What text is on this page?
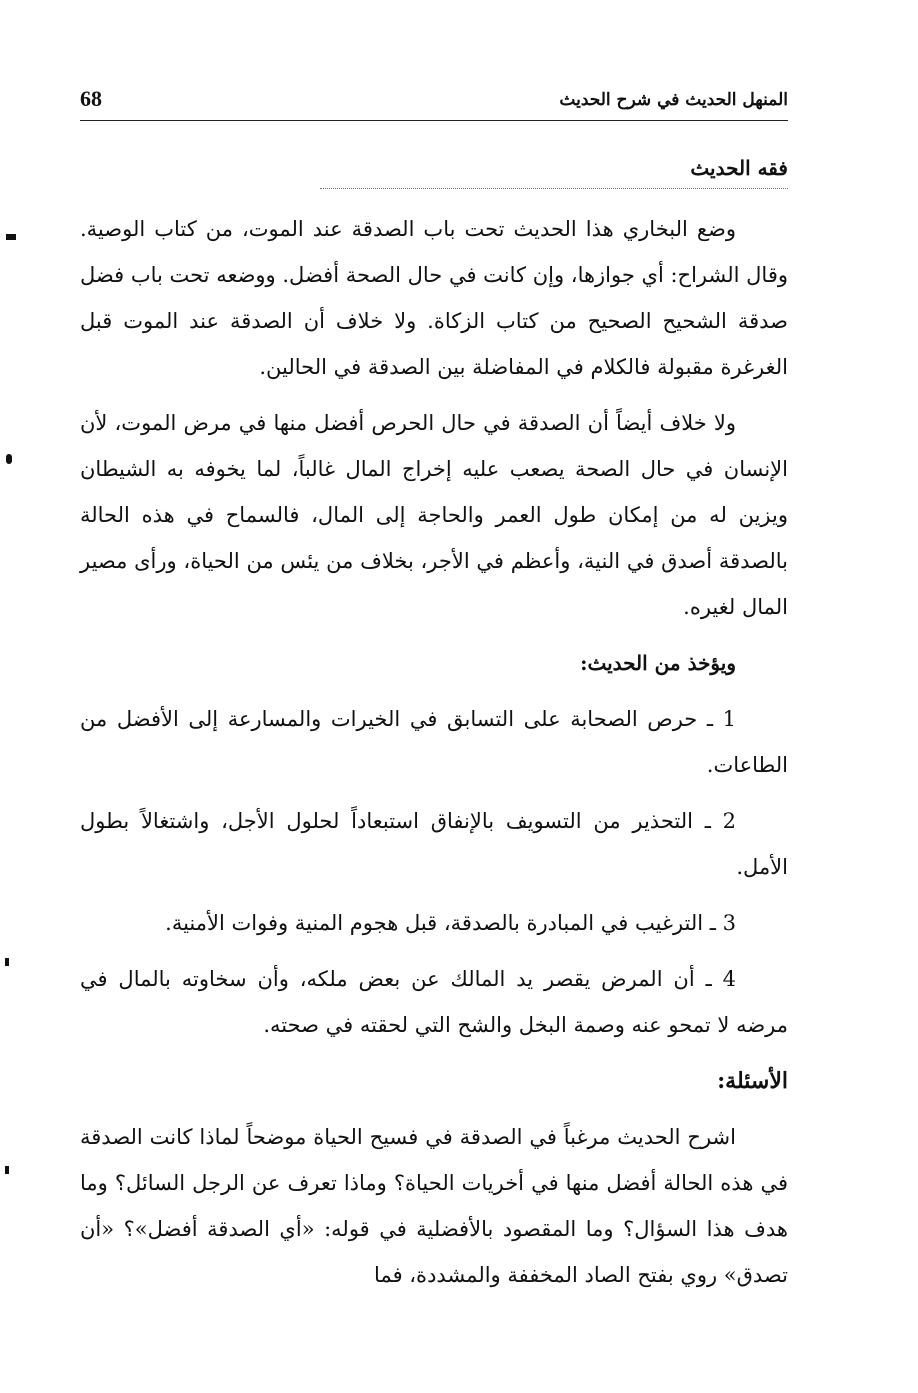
68	المنهل الحديث في شرح الحديث
فقه الحديث

وضع البخاري هذا الحديث تحت باب الصدقة عند الموت، من كتاب الوصية. وقال الشراح: أي جوازها، وإن كانت في حال الصحة أفضل. ووضعه تحت باب فضل صدقة الشحيح الصحيح من كتاب الزكاة. ولا خلاف أن الصدقة عند الموت قبل الغرغرة مقبولة فالكلام في المفاضلة بين الصدقة في الحالين.

ولا خلاف أيضاً أن الصدقة في حال الحرص أفضل منها في مرض الموت، لأن الإنسان في حال الصحة يصعب عليه إخراج المال غالباً، لما يخوفه به الشيطان ويزين له من إمكان طول العمر والحاجة إلى المال، فالسماح في هذه الحالة بالصدقة أصدق في النية، وأعظم في الأجر، بخلاف من يئس من الحياة، ورأى مصير المال لغيره.

ويؤخذ من الحديث:

1 ـ حرص الصحابة على التسابق في الخيرات والمسارعة إلى الأفضل من الطاعات.

2 ـ التحذير من التسويف بالإنفاق استبعاداً لحلول الأجل، واشتغالاً بطول الأمل.

3 ـ الترغيب في المبادرة بالصدقة، قبل هجوم المنية وفوات الأمنية.

4 ـ أن المرض يقصر يد المالك عن بعض ملكه، وأن سخاوته بالمال في مرضه لا تمحو عنه وصمة البخل والشح التي لحقته في صحته.

الأسئلة:

اشرح الحديث مرغباً في الصدقة في فسيح الحياة موضحاً لماذا كانت الصدقة في هذه الحالة أفضل منها في أخريات الحياة؟ وماذا تعرف عن الرجل السائل؟ وما هدف هذا السؤال؟ وما المقصود بالأفضلية في قوله: «أي الصدقة أفضل»؟ «أن تصدق» روي بفتح الصاد المخففة والمشددة، فما
